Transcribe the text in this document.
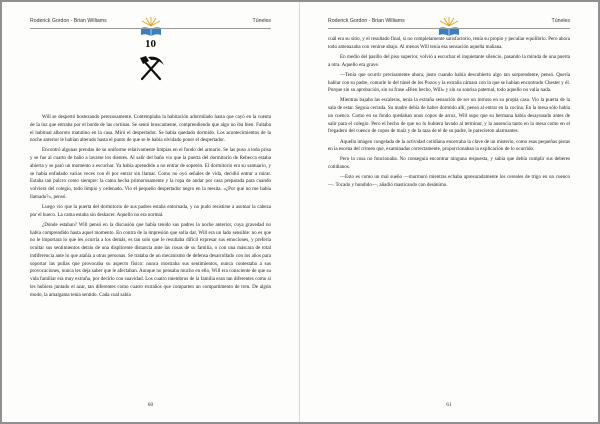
Roderick Gordon - Brian Williams	Túneles
10

Will se despertó bostezando perezosamente. Contemplaba la habitación adormilado hasta que cayó en la cuenta de la luz que entraba por el borde de las cortinas. Se sentó bruscamente, comprendiendo que algo no iba bien. Faltaba el habitual alboroto matutino en la casa. Miró el despertador. Se había quedado dormido. Los acontecimientos de la noche anterior le habían alterado hasta el punto de que se le había olvidado poner el despertador.

Encontró algunas prendas de su uniforme relativamente limpias en el fondo del armario. Se las puso a toda prisa y se fue al cuarto de baño a lavarse los dientes. Al salir del baño vio que la puerta del dormitorio de Rebecca estaba abierta y se paró un momento a escuchar. Ya había aprendido a no entrar de sopetón. El dormitorio era su santuario, y se había enfadado varias veces con él por entrar sin llamar. Como no oyó señales de vida, decidió entrar a mirar. Estaba tan pulcro como siempre: la cama hecha primorosamente y la ropa de andar por casa preparada para cuando volviera del colegio, todo limpio y ordenado. Vio el pequeño despertador negro en la mesita. «¿Por qué no me había llamado?», pensó.

Luego vio que la puerta del dormitorio de sus padres estaba entornada, y no pudo resistirse a asomar la cabeza por el hueco. La cama estaba sin deshacer. Aquello no era normal.

¿Dónde estaban? Will pensó en la discusión que había tenido sus padres la noche anterior, cuya gravedad no había comprendido hasta aquel momento. En contra de la impresión que solía dar, Will era un lado sensible: no es que no le importara lo que les ocurría a los demás, es tan solo que le resultaba difícil expresar sus emociones, y prefería ocultar sus sentimientos detrás de una displicente distancia ante las cosas de su familia, o con una máscara de total indiferencia ante lo que atañía a otras personas. Se trataba de un mecanismo de defensa desarrollado con los años para soportar las pullas que provocaba su aspecto físico: nunca mostraba sus sentimientos, nunca contestaba a sus provocaciones, nunca les deja saber que le afectaban. Aunque no pensaba mucho en ello, Will era consciente de que su vida familiar era muy extraña, por decirlo con suavidad. Los cuatro miembros de la familia eran tan diferentes como si les hubiera juntado el azar, tan diferentes como cuatro extraños que comparten un compartimento de tren. De algún modo, la amalgama tenía sentido. Cada cual sabía

60
Roderick Gordon - Brian Williams	Túneles

cuál era su sitio, y el resultado final, si no completamente satisfactorio, tenía su propio y peculiar equilibrio. Pero ahora todo amenazaba con venirse abajo. Al menos Will tenía esa sensación aquella mañana.

En medio del pasillo del piso superior, volvió a escuchar el inquietante silencio, pasando la mirada de una puerta a otra. Aquello era grave.

—Tenía que ocurrir precisamente ahora, justo cuando había descubierto algo tan sorprendente, pensó. Quería hablar con su padre, contarle lo del túnel de los Pozos y la extraña cámara con la que se habían encontrado Chester y él. Porque sin su aprobación, sin su frase «Bien hecho, Will» y sin su sonrisa paternal, todo aquello no valía nada.

Mientras bajaba las escaleras, tenía la extraña sensación de ser un intruso en su propia casa. Vio la puerta de la sala de estar. Seguía cerrada. Su madre debía de haber dormido allí, pensó al entrar en la cocina. En la mesa sólo había un cuenco. Como en su fondo quedaban unos copos de arroz, Will supo que su hermana había desayunado antes de salir para el colegio. Pero el hecho de que no lo hubiera lavado al terminar, y la ausencia tanto en la mesa como en el fregadero del cuenco de copos de maíz y de la taza de té de su padre, le parecieron alarmantes.

Aquella imagen congelada de la actividad cotidiana encerraba la clave de un misterio, como esas pequeñas pistas en la escena del crimen que, examinadas correctamente, proporcionaban la explicación de lo ocurrido.

Pero la cosa no funcionaba. No conseguía encontrar ninguna respuesta, y sabía que debía cumplir sus deberes cotidianos.

—Esto es como un mal sueño —murmuró mientras echaba apresuradamente los cereales de trigo en un cuenco—. Tocado y hundido—, añadió masticando con desánimo.

61
